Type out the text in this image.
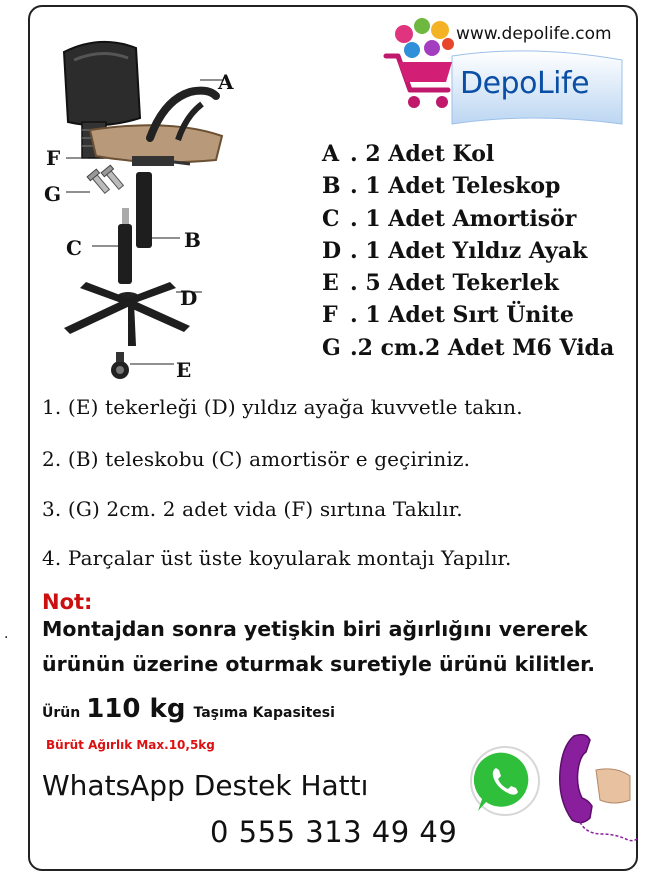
www.depolife.com
DepoLife
A
B
C
D
E
F
G
A . 2 Adet Kol
B . 1 Adet Teleskop
C . 1 Adet Amortisör
D . 1 Adet Yıldız Ayak
E . 5 Adet Tekerlek
F . 1 Adet Sırt Ünite
G .2 cm.2 Adet M6 Vida
1. (E) tekerleği (D) yıldız ayağa kuvvetle takın.
2. (B) teleskobu (C) amortisör e geçiriniz.
3. (G) 2cm. 2 adet vida (F) sırtına Takılır.
4. Parçalar üst üste koyularak montajı Yapılır.
Not:
Montajdan sonra yetişkin biri ağırlığını vererek
ürünün üzerine oturmak suretiyle ürünü kilitler.
.
Ürün 110 kg Taşıma Kapasitesi
Bürüt Ağırlık Max.10,5kg
WhatsApp Destek Hattı
0 555 313 49 49
